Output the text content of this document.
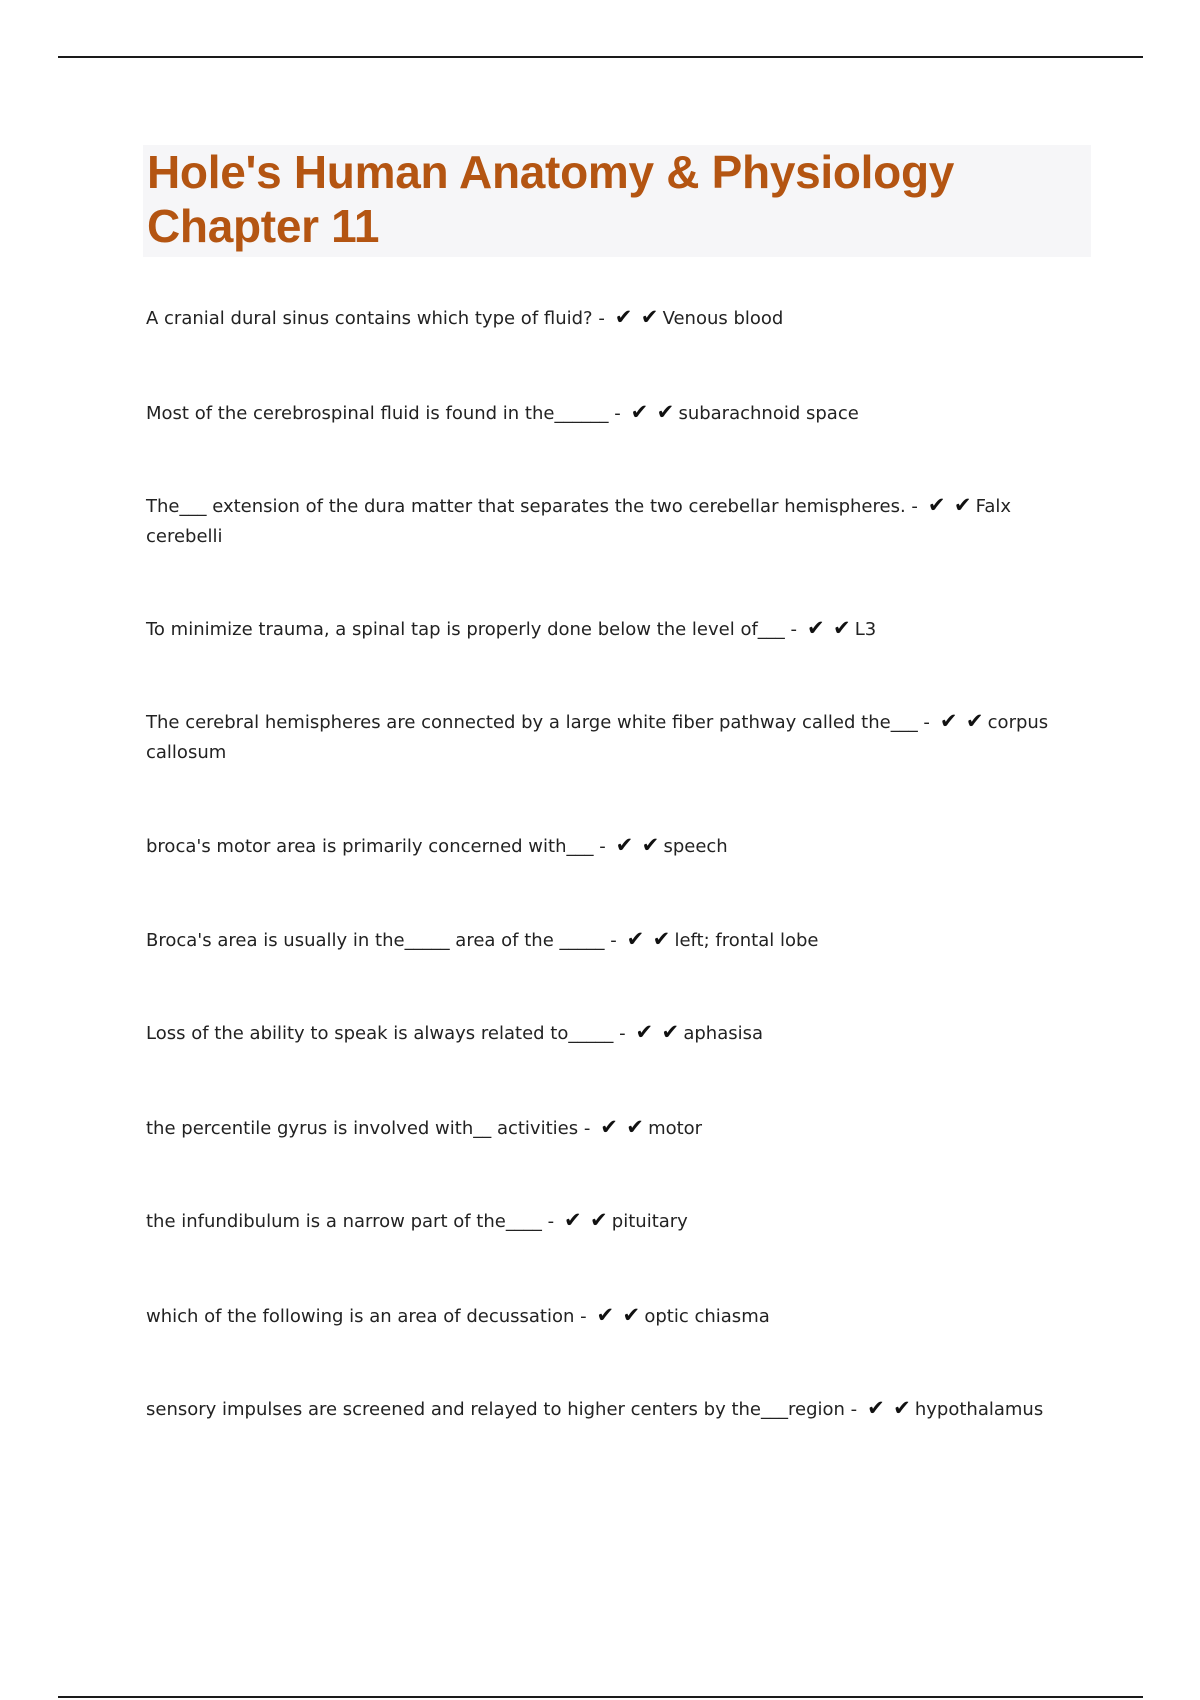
Hole's Human Anatomy & Physiology
Chapter 11

A cranial dural sinus contains which type of fluid? - ✔ ✔ Venous blood

Most of the cerebrospinal fluid is found in the______ - ✔ ✔ subarachnoid space

The___ extension of the dura matter that separates the two cerebellar hemispheres. - ✔ ✔ Falx cerebelli

To minimize trauma, a spinal tap is properly done below the level of___ - ✔ ✔ L3

The cerebral hemispheres are connected by a large white fiber pathway called the___ - ✔ ✔ corpus callosum

broca's motor area is primarily concerned with___ - ✔ ✔ speech

Broca's area is usually in the_____ area of the _____ - ✔ ✔ left; frontal lobe

Loss of the ability to speak is always related to_____ - ✔ ✔ aphasisa

the percentile gyrus is involved with__ activities - ✔ ✔ motor

the infundibulum is a narrow part of the____ - ✔ ✔ pituitary

which of the following is an area of decussation - ✔ ✔ optic chiasma

sensory impulses are screened and relayed to higher centers by the___region - ✔ ✔ hypothalamus
